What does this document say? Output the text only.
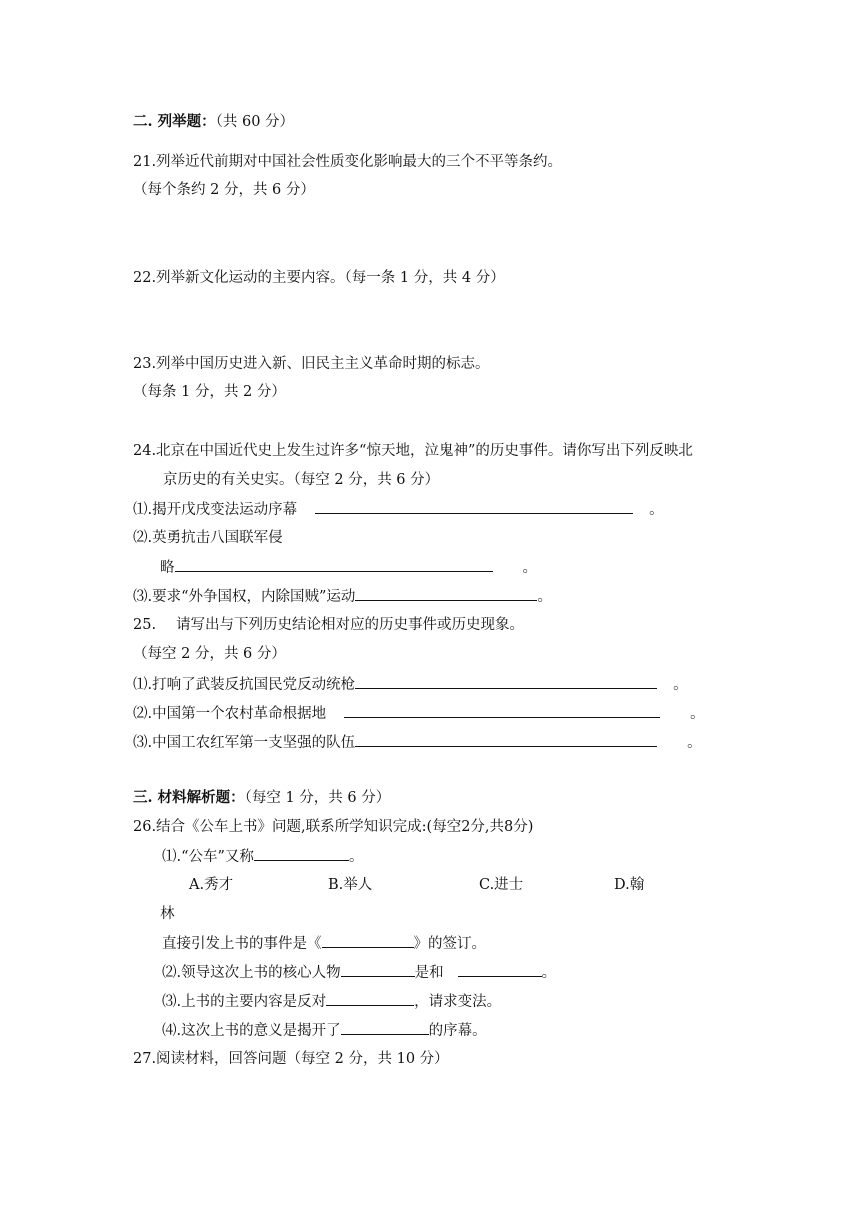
二. 列举题：（共 60 分）
21.列举近代前期对中国社会性质变化影响最大的三个不平等条约。
（每个条约 2 分，共 6 分）
22.列举新文化运动的主要内容。（每一条 1 分，共 4 分）
23.列举中国历史进入新、旧民主主义革命时期的标志。
（每条 1 分，共 2 分）
24.北京在中国近代史上发生过许多“惊天地，泣鬼神”的历史事件。请你写出下列反映北
京历史的有关史实。（每空 2 分，共 6 分）
⑴.揭开戊戌变法运动序幕	。
⑵.英勇抗击八国联军侵
略	。
⑶.要求“外争国权，内除国贼”运动	。
25. 请写出与下列历史结论相对应的历史事件或历史现象。
（每空 2 分，共 6 分）
⑴.打响了武装反抗国民党反动统枪	。
⑵.中国第一个农村革命根据地	。
⑶.中国工农红军第一支坚强的队伍	。
三. 材料解析题：（每空 1 分，共 6 分）
26.结合《公车上书》问题,联系所学知识完成:(每空2分,共8分)
⑴.“公车”又称	。
A.秀才	B.举人	C.进士	D.翰
林
直接引发上书的事件是《	》的签订。
⑵.领导这次上书的核心人物	是和	。
⑶.上书的主要内容是反对	，请求变法。
⑷.这次上书的意义是揭开了	的序幕。
27.阅读材料，回答问题（每空 2 分，共 10 分）
